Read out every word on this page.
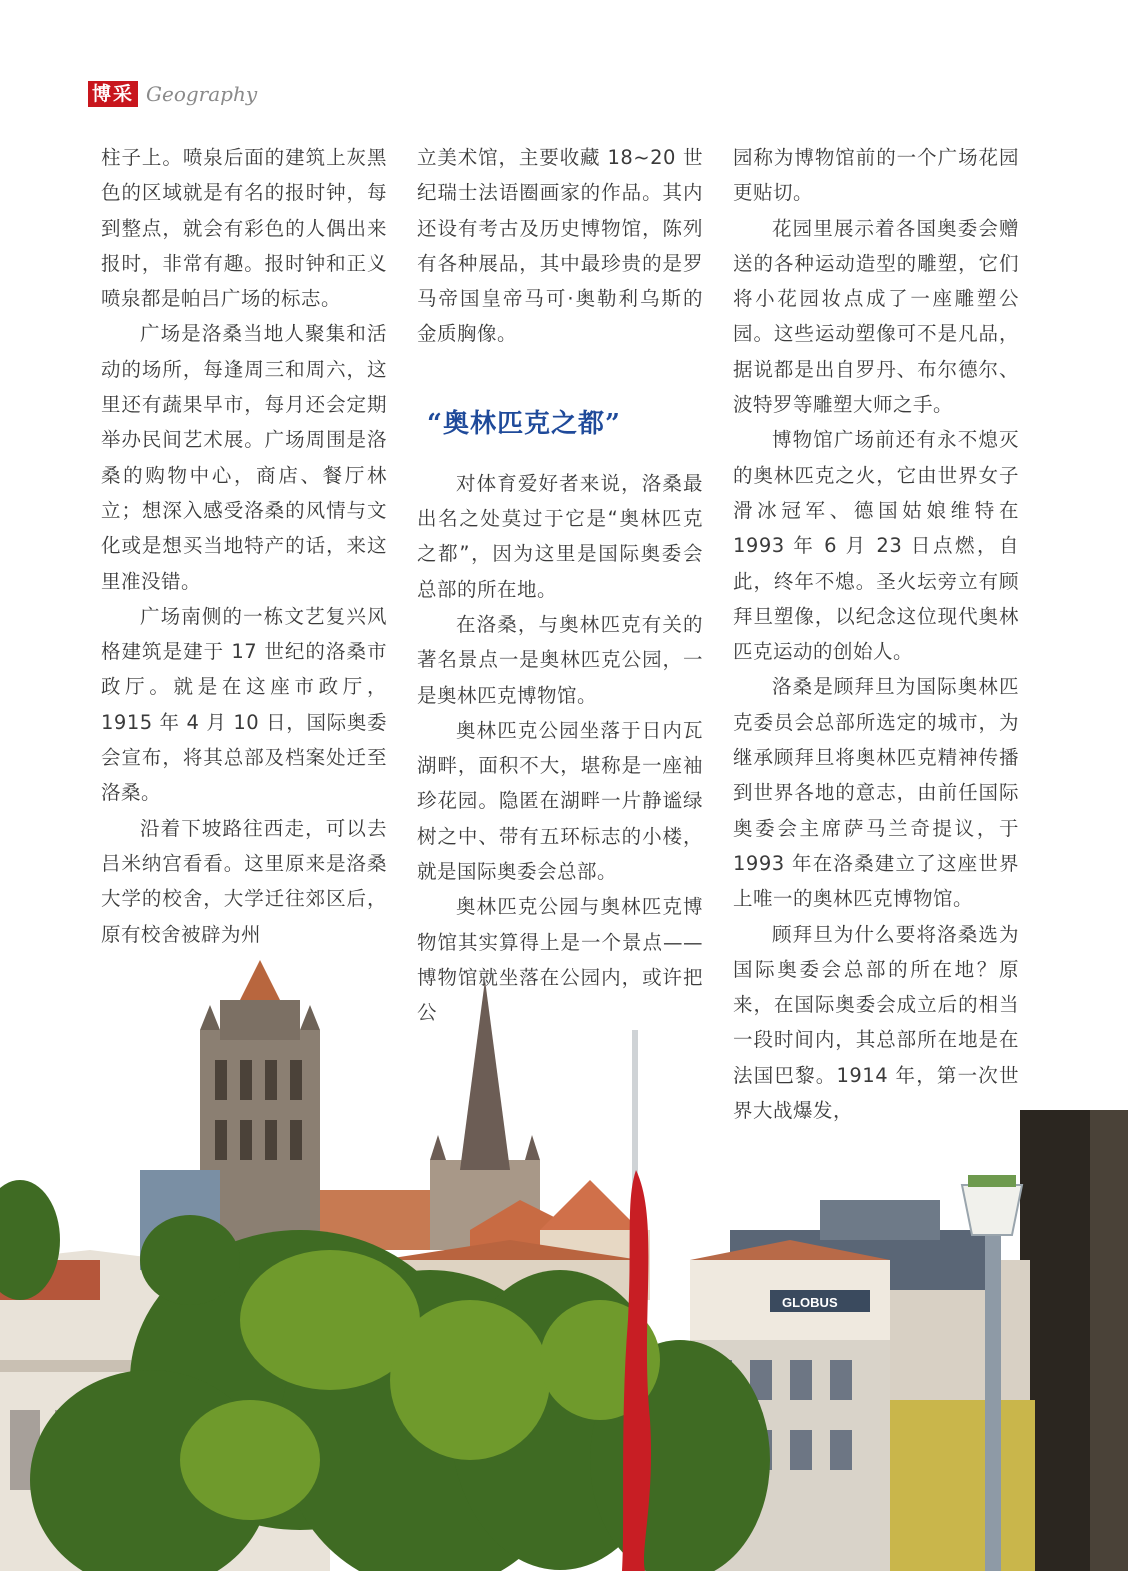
博采 Geography
GLOBUS

柱子上。喷泉后面的建筑上灰黑色的区域就是有名的报时钟，每到整点，就会有彩色的人偶出来报时，非常有趣。报时钟和正义喷泉都是帕吕广场的标志。

广场是洛桑当地人聚集和活动的场所，每逢周三和周六，这里还有蔬果早市，每月还会定期举办民间艺术展。广场周围是洛桑的购物中心，商店、餐厅林立；想深入感受洛桑的风情与文化或是想买当地特产的话，来这里准没错。

广场南侧的一栋文艺复兴风格建筑是建于 17 世纪的洛桑市政厅。就是在这座市政厅，1915 年 4 月 10 日，国际奥委会宣布，将其总部及档案处迁至洛桑。

沿着下坡路往西走，可以去吕米纳宫看看。这里原来是洛桑大学的校舍，大学迁往郊区后，原有校舍被辟为州

立美术馆，主要收藏 18~20 世纪瑞士法语圈画家的作品。其内还设有考古及历史博物馆，陈列有各种展品，其中最珍贵的是罗马帝国皇帝马可·奥勒利乌斯的金质胸像。

“奥林匹克之都”

对体育爱好者来说，洛桑最出名之处莫过于它是“奥林匹克之都”，因为这里是国际奥委会总部的所在地。

在洛桑，与奥林匹克有关的著名景点一是奥林匹克公园，一是奥林匹克博物馆。

奥林匹克公园坐落于日内瓦湖畔，面积不大，堪称是一座袖珍花园。隐匿在湖畔一片静谧绿树之中、带有五环标志的小楼，就是国际奥委会总部。

奥林匹克公园与奥林匹克博物馆其实算得上是一个景点——博物馆就坐落在公园内，或许把公

园称为博物馆前的一个广场花园更贴切。

花园里展示着各国奥委会赠送的各种运动造型的雕塑，它们将小花园妆点成了一座雕塑公园。这些运动塑像可不是凡品，据说都是出自罗丹、布尔德尔、波特罗等雕塑大师之手。

博物馆广场前还有永不熄灭的奥林匹克之火，它由世界女子滑冰冠军、德国姑娘维特在 1993 年 6 月 23 日点燃，自此，终年不熄。圣火坛旁立有顾拜旦塑像，以纪念这位现代奥林匹克运动的创始人。

洛桑是顾拜旦为国际奥林匹克委员会总部所选定的城市，为继承顾拜旦将奥林匹克精神传播到世界各地的意志，由前任国际奥委会主席萨马兰奇提议，于 1993 年在洛桑建立了这座世界上唯一的奥林匹克博物馆。

顾拜旦为什么要将洛桑选为国际奥委会总部的所在地？原来，在国际奥委会成立后的相当一段时间内，其总部所在地是在法国巴黎。1914 年，第一次世界大战爆发，
